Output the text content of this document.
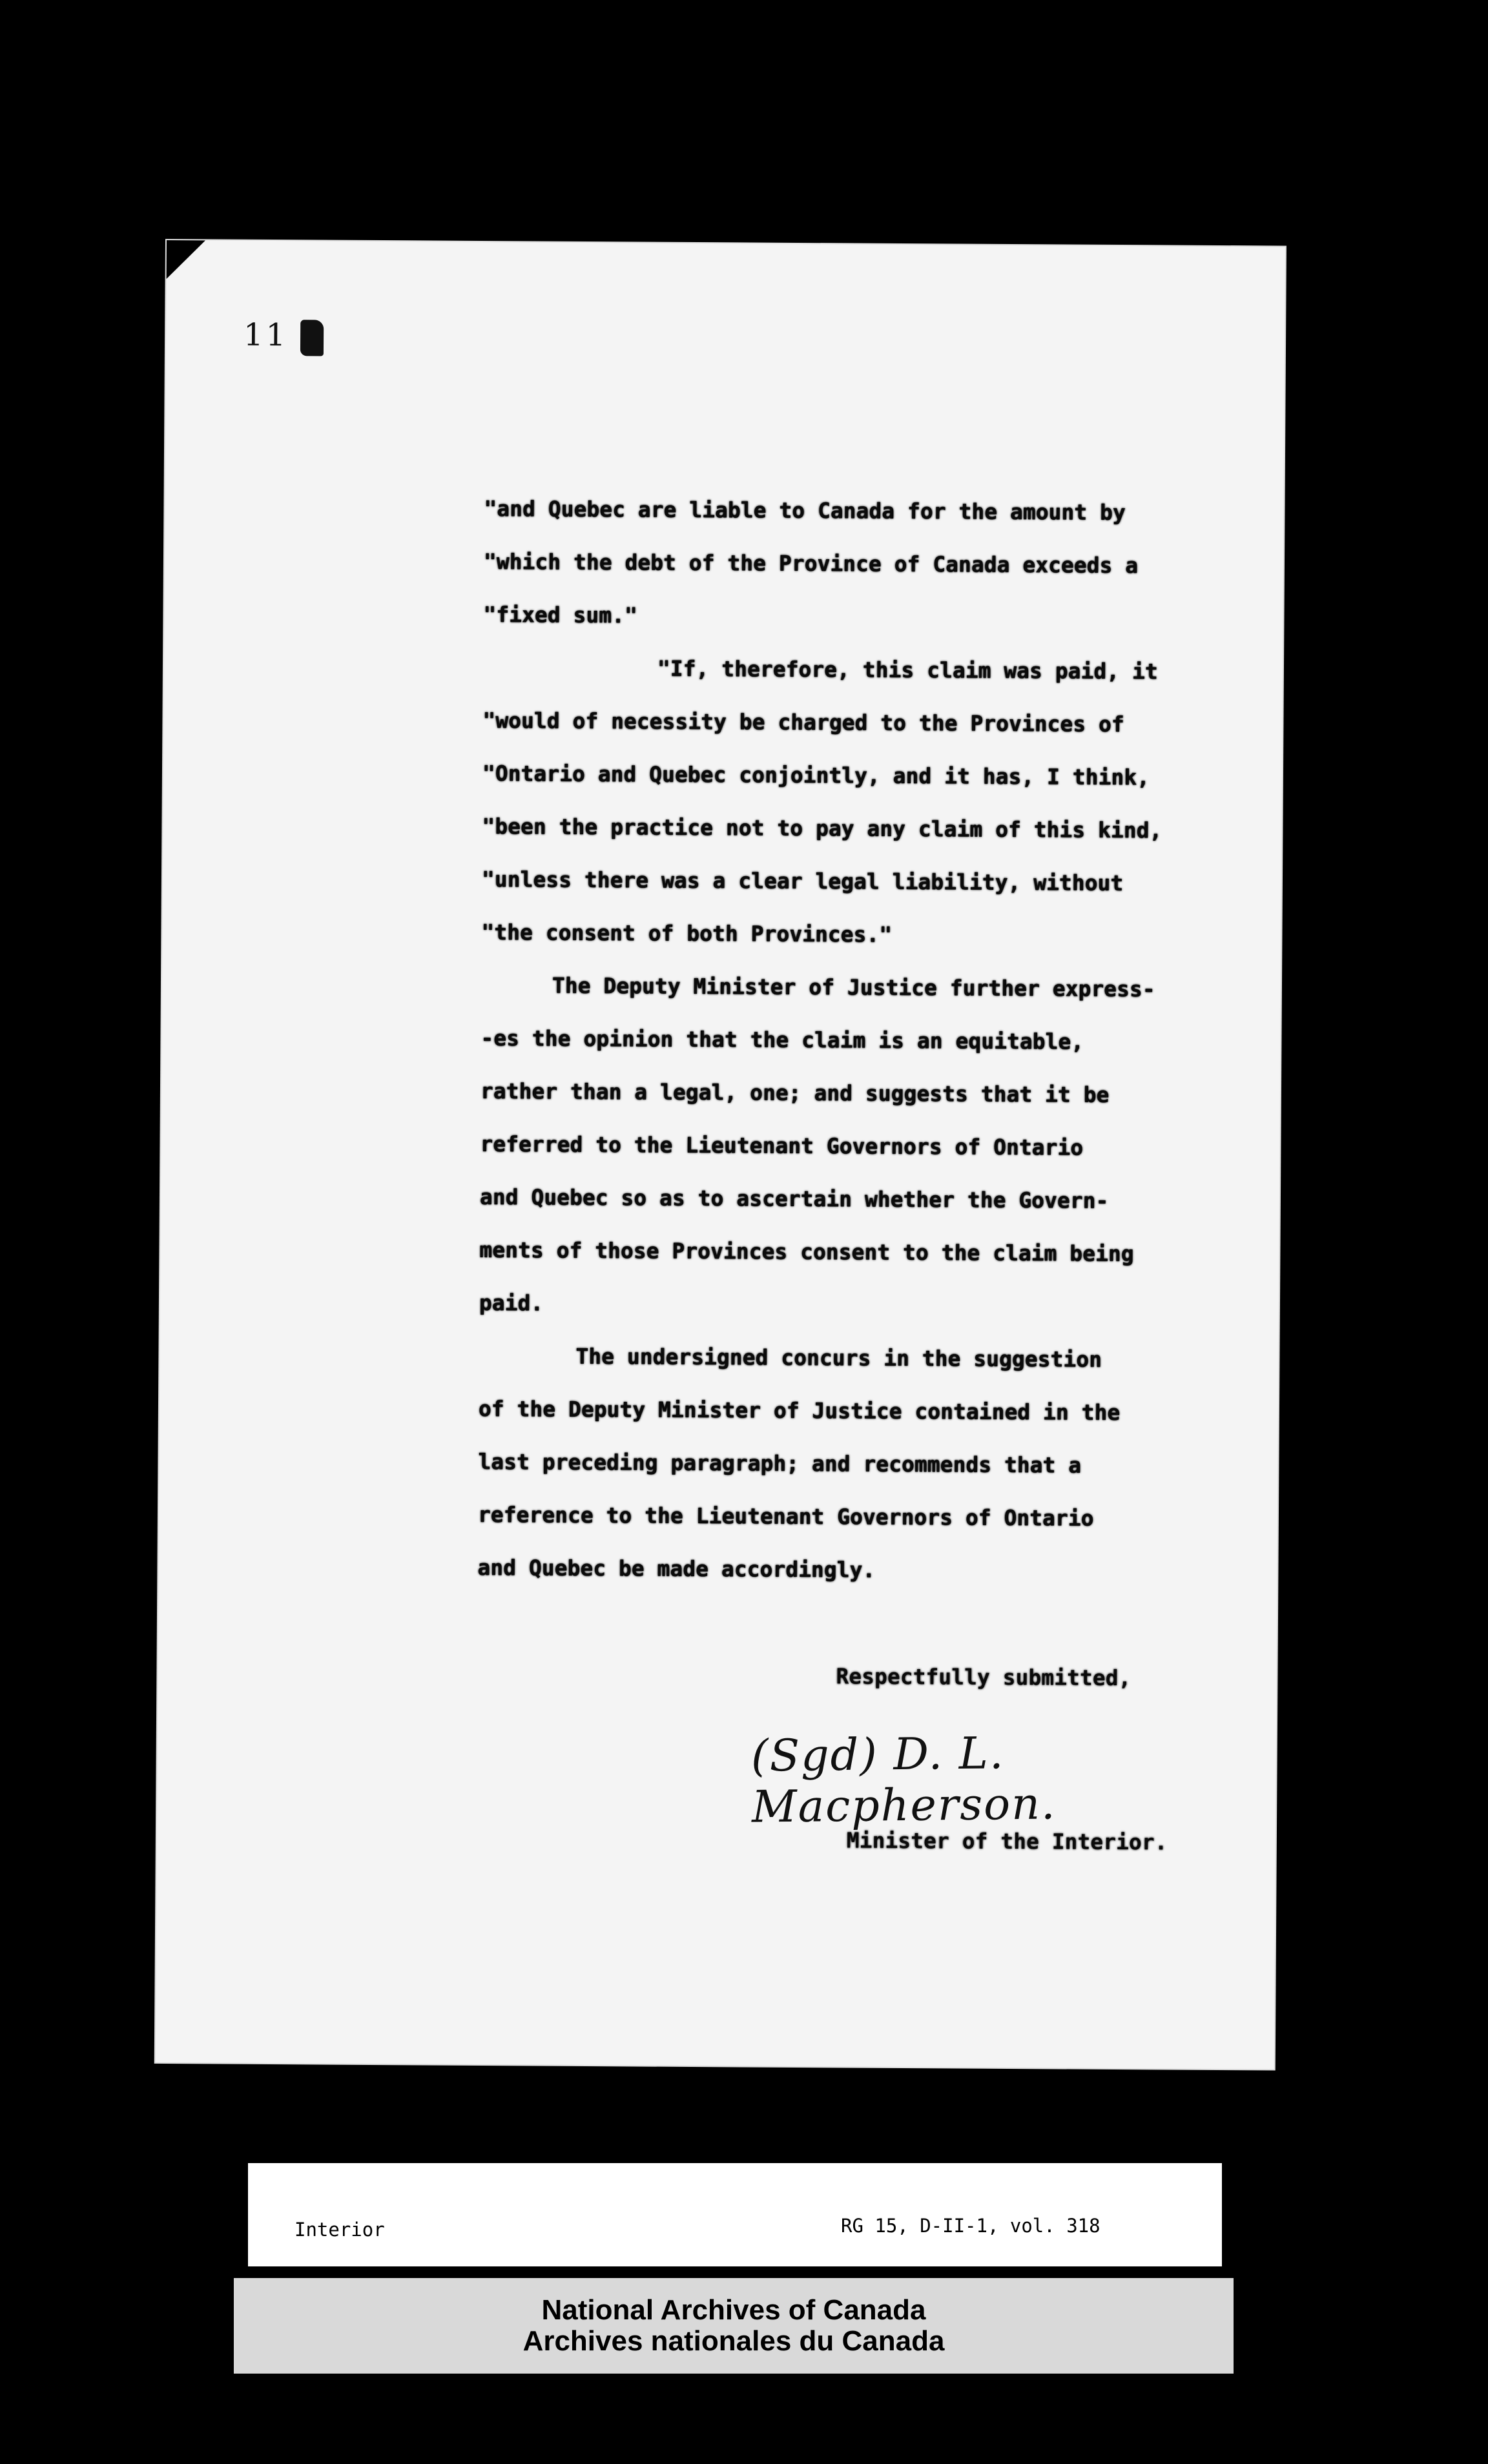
11

"and Quebec are liable to Canada for the amount by

"which the debt of the Province of Canada exceeds a

"fixed sum."

"If, therefore, this claim was paid, it

"would of necessity be charged to the Provinces of

"Ontario and Quebec conjointly, and it has, I think,

"been the practice not to pay any claim of this kind,

"unless there was a clear legal liability, without

"the consent of both Provinces."

The Deputy Minister of Justice further express-

-es the opinion that the claim is an equitable,

rather than a legal, one; and suggests that it be

referred to the Lieutenant Governors of Ontario

and Quebec so as to ascertain whether the Govern-

ments of those Provinces consent to the claim being

paid.

The undersigned concurs in the suggestion

of the Deputy Minister of Justice contained in the

last preceding paragraph; and recommends that a

reference to the Lieutenant Governors of Ontario

and Quebec be made accordingly.

Respectfully submitted,
(Sgd) D. L. Macpherson.
Minister of the Interior.

Interior

	RG 15, D-II-1, vol. 318

National Archives of Canada
Archives nationales du Canada
